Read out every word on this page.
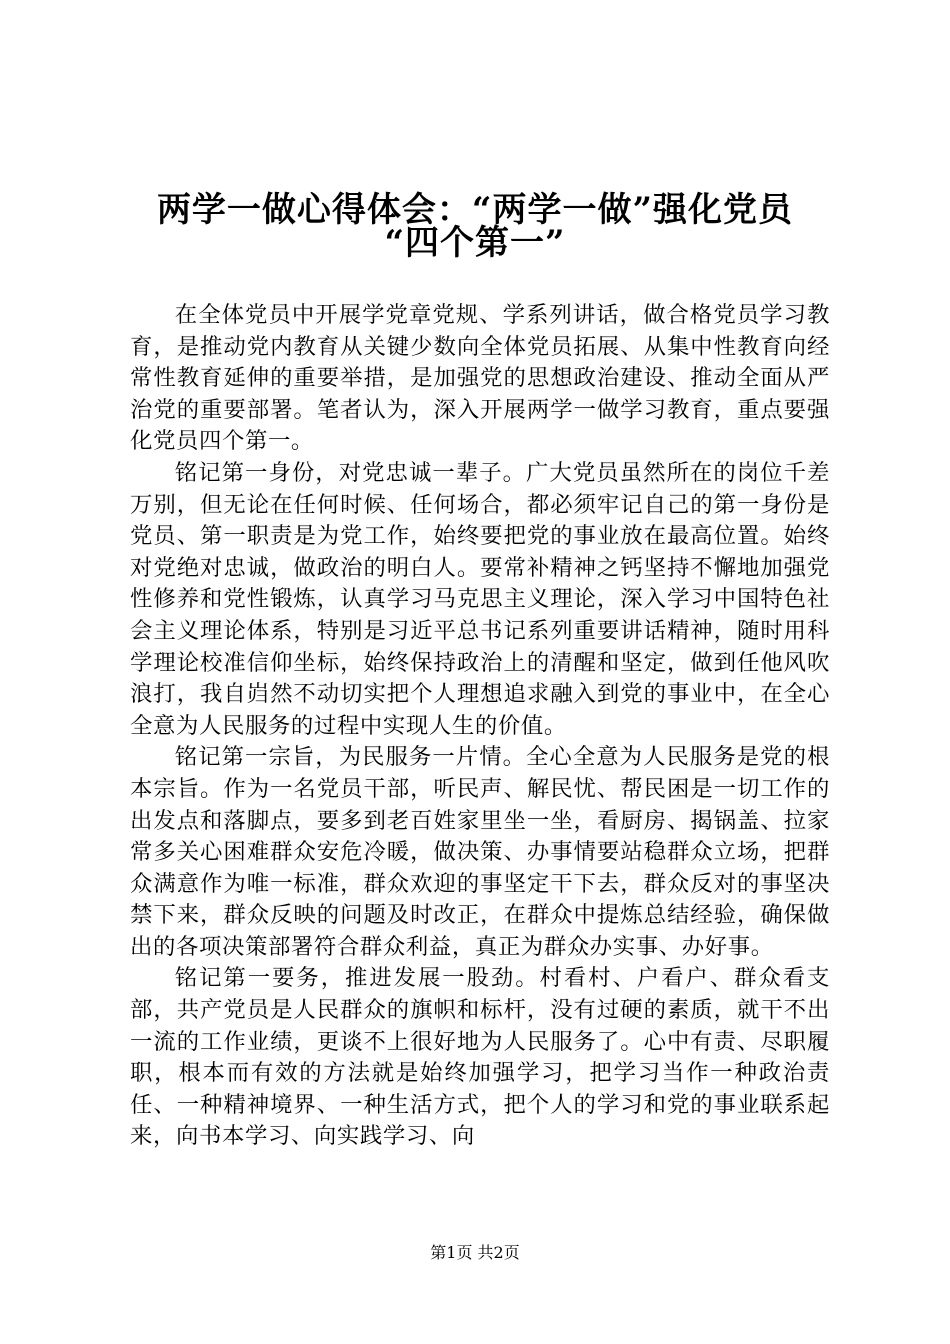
两学一做心得体会：“两学一做”强化党员
“四个第一”

在全体党员中开展学党章党规、学系列讲话，做合格党员学习教育，是推动党内教育从关键少数向全体党员拓展、从集中性教育向经常性教育延伸的重要举措，是加强党的思想政治建设、推动全面从严治党的重要部署。笔者认为，深入开展两学一做学习教育，重点要强化党员四个第一。

铭记第一身份，对党忠诚一辈子。广大党员虽然所在的岗位千差万别，但无论在任何时候、任何场合，都必须牢记自己的第一身份是党员、第一职责是为党工作，始终要把党的事业放在最高位置。始终对党绝对忠诚，做政治的明白人。要常补精神之钙坚持不懈地加强党性修养和党性锻炼，认真学习马克思主义理论，深入学习中国特色社会主义理论体系，特别是习近平总书记系列重要讲话精神，随时用科学理论校准信仰坐标，始终保持政治上的清醒和坚定，做到任他风吹浪打，我自岿然不动切实把个人理想追求融入到党的事业中，在全心全意为人民服务的过程中实现人生的价值。

铭记第一宗旨，为民服务一片情。全心全意为人民服务是党的根本宗旨。作为一名党员干部，听民声、解民忧、帮民困是一切工作的出发点和落脚点，要多到老百姓家里坐一坐，看厨房、揭锅盖、拉家常多关心困难群众安危冷暖，做决策、办事情要站稳群众立场，把群众满意作为唯一标准，群众欢迎的事坚定干下去，群众反对的事坚决禁下来，群众反映的问题及时改正，在群众中提炼总结经验，确保做出的各项决策部署符合群众利益，真正为群众办实事、办好事。

铭记第一要务，推进发展一股劲。村看村、户看户、群众看支部，共产党员是人民群众的旗帜和标杆，没有过硬的素质，就干不出一流的工作业绩，更谈不上很好地为人民服务了。心中有责、尽职履职，根本而有效的方法就是始终加强学习，把学习当作一种政治责任、一种精神境界、一种生活方式，把个人的学习和党的事业联系起来，向书本学习、向实践学习、向

第1页 共2页
